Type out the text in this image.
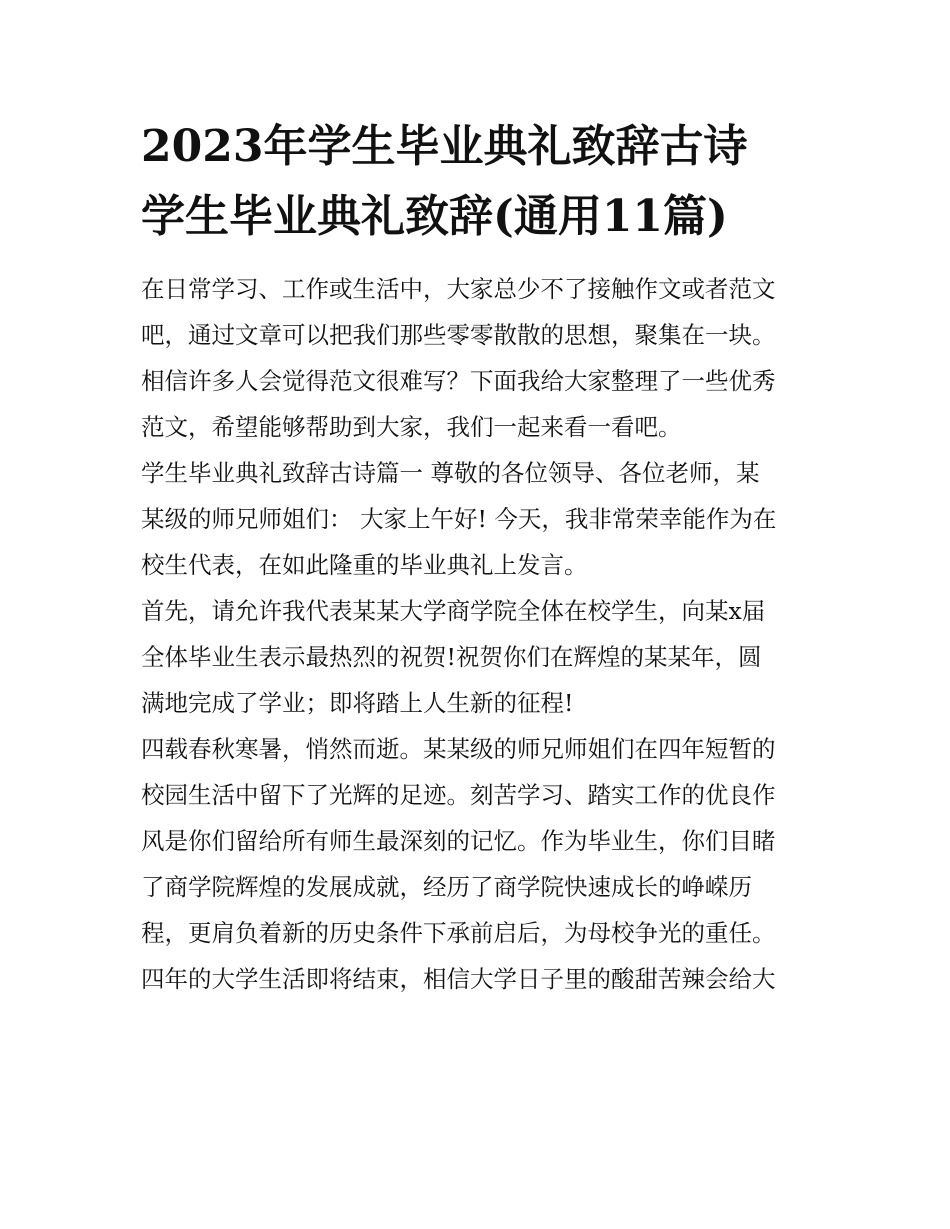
2023年学生毕业典礼致辞古诗
学生毕业典礼致辞(通用11篇)

在日常学习、工作或生活中，大家总少不了接触作文或者范文
吧，通过文章可以把我们那些零零散散的思想，聚集在一块。
相信许多人会觉得范文很难写？下面我给大家整理了一些优秀
范文，希望能够帮助到大家，我们一起来看一看吧。

学生毕业典礼致辞古诗篇一 尊敬的各位领导、各位老师，某
某级的师兄师姐们： 大家上午好! 今天，我非常荣幸能作为在
校生代表，在如此隆重的毕业典礼上发言。

首先，请允许我代表某某大学商学院全体在校学生，向某x届
全体毕业生表示最热烈的祝贺!祝贺你们在辉煌的某某年，圆
满地完成了学业；即将踏上人生新的征程!

四载春秋寒暑，悄然而逝。某某级的师兄师姐们在四年短暂的
校园生活中留下了光辉的足迹。刻苦学习、踏实工作的优良作
风是你们留给所有师生最深刻的记忆。作为毕业生，你们目睹
了商学院辉煌的发展成就，经历了商学院快速成长的峥嵘历
程，更肩负着新的历史条件下承前启后，为母校争光的重任。
四年的大学生活即将结束，相信大学日子里的酸甜苦辣会给大
